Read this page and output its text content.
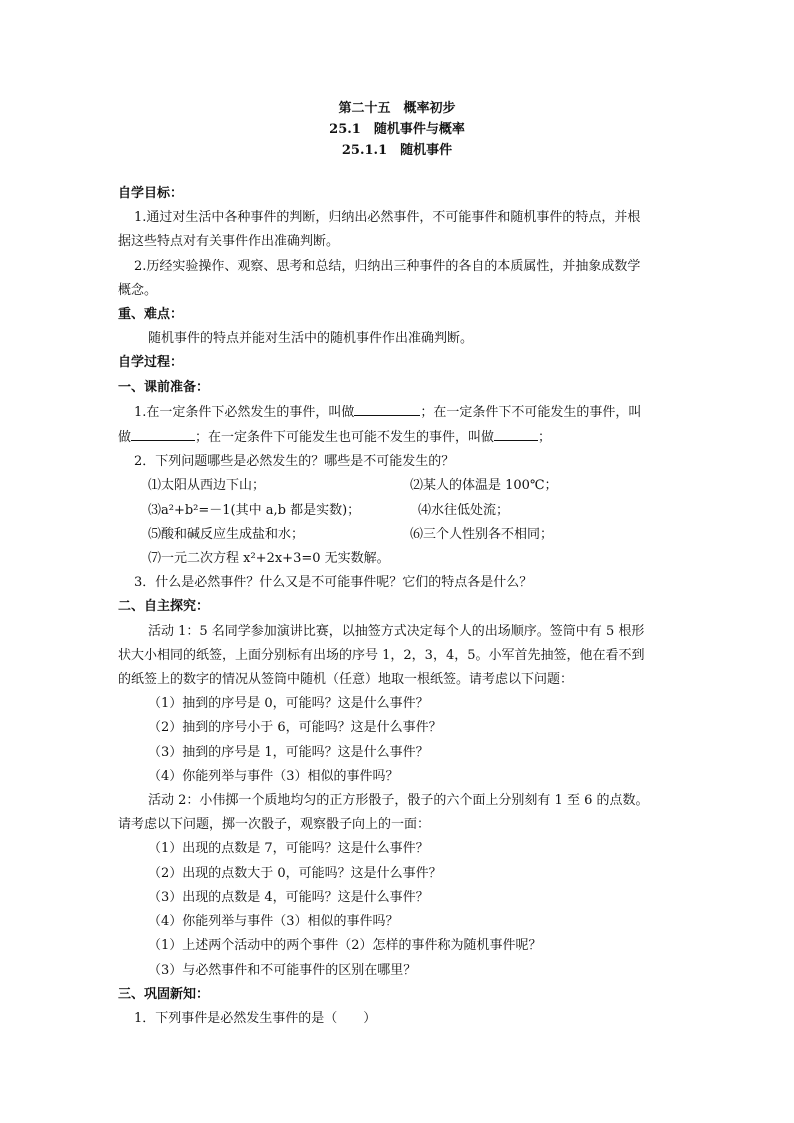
第二十五　概率初步
25.1　随机事件与概率
25.1.1　随机事件
自学目标：
1.通过对生活中各种事件的判断，归纳出必然事件，不可能事件和随机事件的特点，并根
据这些特点对有关事件作出准确判断。
2.历经实验操作、观察、思考和总结，归纳出三种事件的各自的本质属性，并抽象成数学
概念。
重、难点：
随机事件的特点并能对生活中的随机事件作出准确判断。
自学过程：
一、课前准备：
1.在一定条件下必然发生的事件，叫做	；在一定条件下不可能发生的事件，叫
做	；在一定条件下可能发生也可能不发生的事件，叫做	；
2．下列问题哪些是必然发生的？哪些是不可能发生的？
⑴太阳从西边下山；	⑵某人的体温是 100℃；
⑶a²+b²=－1(其中 a,b 都是实数)；	⑷水往低处流；
⑸酸和碱反应生成盐和水；	⑹三个人性别各不相同；
⑺一元二次方程 x²+2x+3=0 无实数解。
3．什么是必然事件？什么又是不可能事件呢？它们的特点各是什么？
二、自主探究：
活动 1：5 名同学参加演讲比赛，以抽签方式决定每个人的出场顺序。签筒中有 5 根形
状大小相同的纸签，上面分别标有出场的序号 1，2，3，4，5。小军首先抽签，他在看不到
的纸签上的数字的情况从签筒中随机（任意）地取一根纸签。请考虑以下问题：
（1）抽到的序号是 0，可能吗？这是什么事件？
（2）抽到的序号小于 6，可能吗？这是什么事件？
（3）抽到的序号是 1，可能吗？这是什么事件？
（4）你能列举与事件（3）相似的事件吗？
活动 2：小伟掷一个质地均匀的正方形骰子，骰子的六个面上分别刻有 1 至 6 的点数。
请考虑以下问题，掷一次骰子，观察骰子向上的一面：
（1）出现的点数是 7，可能吗？这是什么事件？
（2）出现的点数大于 0，可能吗？这是什么事件？
（3）出现的点数是 4，可能吗？这是什么事件？
（4）你能列举与事件（3）相似的事件吗？
（1）上述两个活动中的两个事件（2）怎样的事件称为随机事件呢？
（3）与必然事件和不可能事件的区别在哪里？
三、巩固新知：
1．下列事件是必然发生事件的是（　　）
